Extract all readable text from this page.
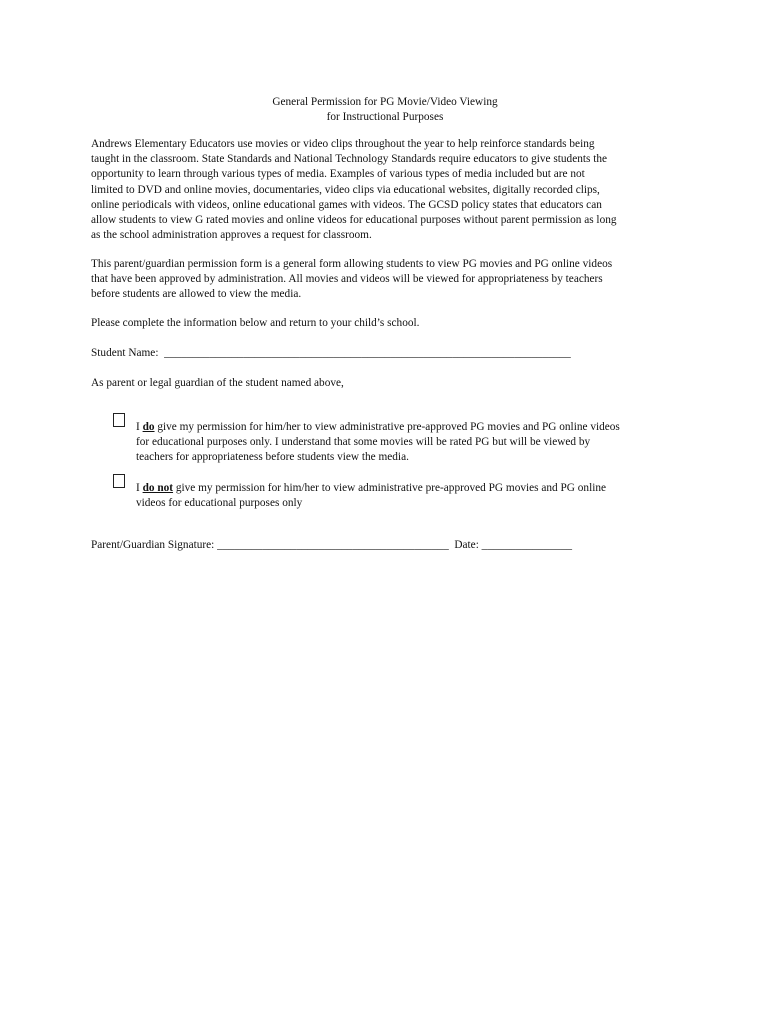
General Permission for PG Movie/Video Viewing
for Instructional Purposes
Andrews Elementary Educators use movies or video clips throughout the year to help reinforce standards being
taught in the classroom. State Standards and National Technology Standards require educators to give students the
opportunity to learn through various types of media. Examples of various types of media included but are not
limited to DVD and online movies, documentaries, video clips via educational websites, digitally recorded clips,
online periodicals with videos, online educational games with videos. The GCSD policy states that educators can
allow students to view G rated movies and online videos for educational purposes without parent permission as long
as the school administration approves a request for classroom.
This parent/guardian permission form is a general form allowing students to view PG movies and PG online videos
that have been approved by administration. All movies and videos will be viewed for appropriateness by teachers
before students are allowed to view the media.
Please complete the information below and return to your child’s school.
Student Name: ________________________________________________________________________
As parent or legal guardian of the student named above,
I do give my permission for him/her to view administrative pre-approved PG movies and PG online videos
for educational purposes only. I understand that some movies will be rated PG but will be viewed by
teachers for appropriateness before students view the media.
I do not give my permission for him/her to view administrative pre-approved PG movies and PG online
videos for educational purposes only
Parent/Guardian Signature: _________________________________________ Date: ________________
